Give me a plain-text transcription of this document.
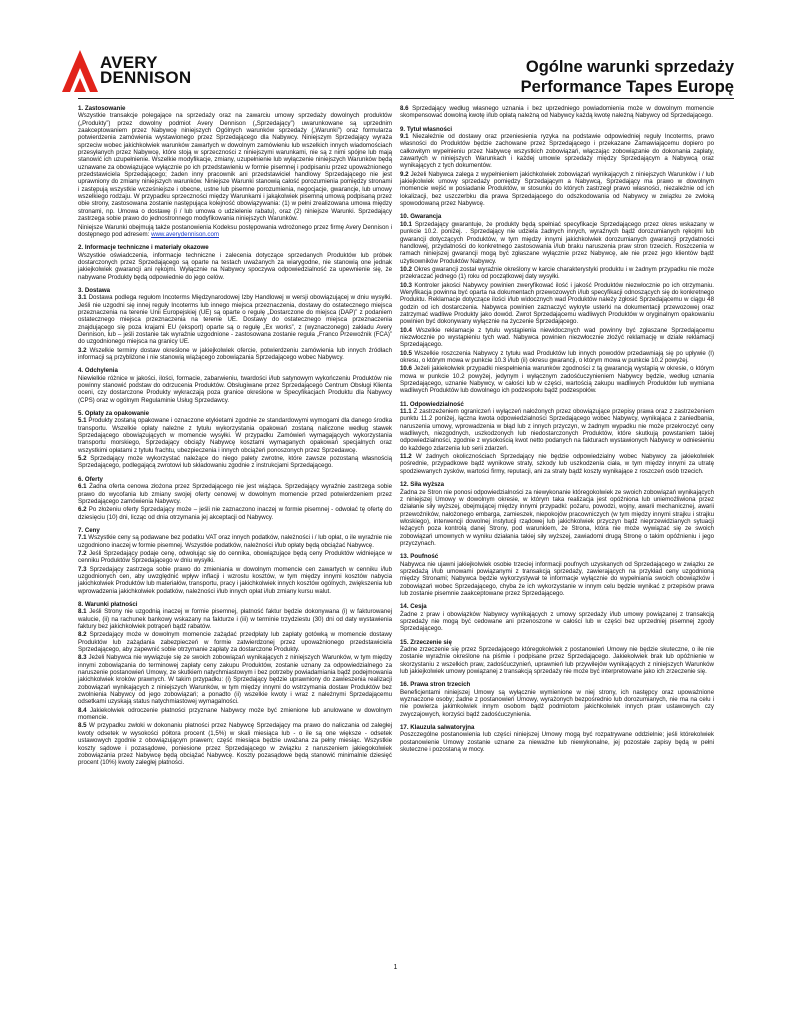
AVERY
DENNISON
Ogólne warunki sprzedaży
Performance Tapes Europę
1. Zastosowanie
Wszystkie transakcje polegające na sprzedaży oraz na zawarciu umowy sprzedaży dowolnych produktów („Produkty”) przez dowolny podmiot Avery Dennison („Sprzedający”) uwarunkowane są uprzednim zaakceptowaniem przez Nabywcę niniejszych Ogólnych warunków sprzedaży („Warunki”) oraz formularza potwierdzenia zamówienia wystawionego przez Sprzedającego dla Nabywcy. Niniejszym Sprzedający wyraża sprzeciw wobec jakichkolwiek warunków zawartych w dowolnym zamówieniu lub wszelkich innych wiadomościach przesyłanych przez Nabywcę, które stoją w sprzeczności z niniejszymi warunkami, nie są z nimi spójne lub mają stanowić ich uzupełnienie. Wszelkie modyfikacje, zmiany, uzupełnienie lub wyłączenie niniejszych Warunków będą uznawane za obowiązujące wyłącznie po ich przedstawieniu w formie pisemnej i podpisaniu przez upoważnionego przedstawiciela Sprzedającego; żaden inny pracownik ani przedstawiciel handlowy Sprzedającego nie jest uprawniony do zmiany niniejszych warunków. Niniejsze Warunki stanowią całość porozumienia pomiędzy stronami i zastępują wszystkie wcześniejsze i obecne, ustne lub pisemne porozumienia, negocjacje, gwarancje, lub umowy wszelkiego rodzaju. W przypadku sprzeczności między Warunkami i jakąkolwiek pisemną umową podpisaną przez obie strony, zastosowana zostanie następująca kolejność obowiązywania: (1) w pełni zrealizowana umowa między stronami, np. Umowa o dostawę (i / lub umowa o udzielenie rabatu), oraz (2) niniejsze Warunki. Sprzedający zastrzega sobie prawo do jednostronnego modyfikowania niniejszych Warunków.
Niniejsze Warunki obejmują także postanowienia Kodeksu postępowania wdrożonego przez firmę Avery Dennison i dostępnego pod adresem: www.averydennison.com
2. Informacje techniczne i materiały okazowe
Wszystkie oświadczenia, informacje techniczne i zalecenia dotyczące sprzedanych Produktów lub próbek dostarczonych przez Sprzedającego są oparte na testach uważanych za wiarygodne, nie stanowią one jednak jakiejkolwiek gwarancji ani rękojmi. Wyłącznie na Nabywcy spoczywa odpowiedzialność za upewnienie się, że nabywane Produkty będą odpowiednie do jego celów.
3. Dostawa
3.1 Dostawa podlega regułom Incoterms Międzynarodowej Izby Handlowej w wersji obowiązującej w dniu wysyłki. Jeśli nie uzgodni się innej reguły Incoterms lub innego miejsca przeznaczenia, dostawy do ostatecznego miejsca przeznaczenia na terenie Unii Europejskiej (UE) są oparte o regułę „Dostarczone do miejsca (DAP)” z podaniem ostatecznego miejsca przeznaczenia na terenie UE. Dostawy do ostatecznego miejsca przeznaczenia znajdującego się poza krajami EU (eksport) oparte są o regułę „Ex works”, z (wyznaczonego) zakładu Avery Dennison, lub – jeśli zostanie tak wyraźnie uzgodnione - zastosowana zostanie reguła „Franco Przewoźnik (FCA)” do uzgodnionego miejsca na granicy UE.
3.2 Wszelkie terminy dostaw określone w jakiejkolwiek ofercie, potwierdzeniu zamówienia lub innych źródłach informacji są przybliżone i nie stanowią wiążącego zobowiązania Sprzedającego wobec Nabywcy.
4. Odchylenia
Niewielkie różnice w jakości, ilości, formacie, zabarwieniu, twardości i/lub satynowym wykończeniu Produktów nie powinny stanowić podstaw do odrzucenia Produktów. Obsługiwane przez Sprzedającego Centrum Obsługi Klienta oceni, czy dostarczone Produkty wykraczają poza granice określone w Specyfikacjach Produktu dla Nabywcy (CPS) oraz w ogólnym Regulaminie Usług Sprzedawcy.
5. Opłaty za opakowanie
5.1 Produkty zostaną opakowane i oznaczone etykietami zgodnie ze standardowymi wymogami dla danego środka transportu. Wszelkie opłaty należne z tytułu wykorzystania opakowań zostaną naliczone według stawek Sprzedającego obowiązujących w momencie wysyłki. W przypadku Zamówień wymagających wykorzystania transportu morskiego, Sprzedający obciąży Nabywcę kosztami wymaganych opakowań specjalnych oraz wszystkimi opłatami z tytułu frachtu, ubezpieczenia i innych obciążeń ponoszonych przez Sprzedawcę.
5.2 Sprzedający może wykorzystać należące do niego palety zwrotne, które zawsze pozostaną własnością Sprzedającego, podlegającą zwrotowi lub składowaniu zgodnie z instrukcjami Sprzedającego.
6. Oferty
6.1 Żadna oferta cenowa złożona przez Sprzedającego nie jest wiążąca. Sprzedający wyraźnie zastrzega sobie prawo do wycofania lub zmiany swojej oferty cenowej w dowolnym momencie przed potwierdzeniem przez Sprzedającego zamówienia Nabywcy.
6.2 Po złożeniu oferty Sprzedający może – jeśli nie zaznaczono inaczej w formie pisemnej - odwołać tę ofertę do dziesięciu (10) dni, licząc od dnia otrzymania jej akceptacji od Nabywcy.
7. Ceny
7.1 Wszystkie ceny są podawane bez podatku VAT oraz innych podatków, należności i / lub opłat, o ile wyraźnie nie uzgodniono inaczej w formie pisemnej. Wszystkie podatków, należności i/lub opłaty będą obciążać Nabywcę.
7.2 Jeśli Sprzedający podaje cenę, odwołując się do cennika, obowiązujące będą ceny Produktów widniejące w cenniku Produktów Sprzedającego w dniu wysyłki.
7.3 Sprzedający zastrzega sobie prawo do zmieniania w dowolnym momencie cen zawartych w cenniku i/lub uzgodnionych cen, aby uwzględnić wpływ inflacji i wzrostu kosztów, w tym między innymi kosztów nabycia jakichkolwiek Produktów lub materiałów, transportu, pracy i jakichkolwiek innych kosztów ogólnych, zwiększenia lub wprowadzenia jakichkolwiek podatków, należności i/lub innych opłat i/lub zmiany kursu walut.
8. Warunki płatności
8.1 Jeśli Strony nie uzgodnią inaczej w formie pisemnej, płatność faktur będzie dokonywana (i) w fakturowanej walucie, (ii) na rachunek bankowy wskazany na fakturze i (iii) w terminie trzydziestu (30) dni od daty wystawienia faktury bez jakichkolwiek potrąceń bądź rabatów.
8.2 Sprzedający może w dowolnym momencie zażądać przedpłaty lub zapłaty gotówką w momencie dostawy Produktów lub zażądania zabezpieczeń w formie zatwierdzonej przez upoważnionego przedstawiciela Sprzedającego, aby zapewnić sobie otrzymanie zapłaty za dostarczone Produkty.
8.3 Jeżeli Nabywca nie wywiązuje się ze swoich zobowiązań wynikających z niniejszych Warunków, w tym między innymi zobowiązania do terminowej zapłaty ceny zakupu Produktów, zostanie uznany za odpowiedzialnego za naruszenie postanowień Umowy, ze skutkiem natychmiastowym i bez potrzeby powiadamiania bądź podejmowania jakichkolwiek kroków prawnych. W takim przypadku: (i) Sprzedający będzie uprawniony do zawieszenia realizacji zobowiązań wynikających z niniejszych Warunków, w tym między innymi do wstrzymania dostaw Produktów bez zwolnienia Nabywcy od jego zobowiązań; a ponadto (ii) wszelkie kwoty i wraz z należnymi Sprzedającemu odsetkami uzyskają status natychmiastowej wymagalności.
8.4 Jakiekolwiek odroczenie płatności przyznane Nabywcy może być zmienione lub anulowane w dowolnym momencie.
8.5 W przypadku zwłoki w dokonaniu płatności przez Nabywcę Sprzedający ma prawo do naliczania od zaległej kwoty odsetek w wysokości półtora procent (1,5%) w skali miesiąca lub - o ile są one większe - odsetek ustawowych zgodnie z obowiązującym prawem; część miesiąca będzie uważana za pełny miesiąc. Wszystkie koszty sądowe i pozasądowe, poniesione przez Sprzedającego w związku z naruszeniem jakiegokolwiek zobowiązania przez Nabywcę będą obciążać Nabywcę. Koszty pozasądowe będą stanowić minimalnie dziesięć procent (10%) kwoty zaległej płatności.
8.6 Sprzedający według własnego uznania i bez uprzedniego powiadomienia może w dowolnym momencie skompensować dowolną kwotę i/lub opłatą należną od Nabywcy każdą kwotę należną Nabywcy od Sprzedającego.
9. Tytuł własności
9.1 Niezależnie od dostawy oraz przeniesienia ryzyka na podstawie odpowiedniej reguły Incoterms, prawo własności do Produktów będzie zachowane przez Sprzedającego i przekazane Zamawiającemu dopiero po całkowitym wypełnieniu przez Nabywcę wszystkich zobowiązań, włączając zobowiązanie do dokonania zapłaty, zawartych w niniejszych Warunkach i każdej umowie sprzedaży między Sprzedającym a Nabywcą oraz wynikających z tych dokumentów.
9.2 Jeżeli Nabywca zalega z wypełnieniem jakichkolwiek zobowiązań wynikających z niniejszych Warunków i / lub jakiejkolwiek umowy sprzedaży pomiędzy Sprzedającym a Nabywcą, Sprzedający ma prawo w dowolnym momencie wejść w posiadanie Produktów, w stosunku do których zastrzegł prawo własności, niezależnie od ich lokalizacji, bez uszczerbku dla prawa Sprzedającego do odszkodowania od Nabywcy w związku ze zwłoką spowodowaną przez Nabywcę.
10. Gwarancja
10.1 Sprzedający gwarantuje, że produkty będą spełniać specyfikacje Sprzedającego przez okres wskazany w punkcie 10.2. poniżej. . Sprzedający nie udziela żadnych innych, wyraźnych bądź dorozumianych rękojmi lub gwarancji dotyczących Produktów, w tym między innymi jakichkolwiek dorozumianych gwarancji przydatności handlowej, przydatności do konkretnego zastosowania i/lub braku naruszenia praw stron trzecich. Roszczenia w ramach niniejszej gwarancji mogą być zgłaszane wyłącznie przez Nabywcę, ale nie przez jego klientów bądź użytkowników Produktów Nabywcy.
10.2 Okres gwarancji został wyraźnie określony w karcie charakterystyki produktu i w żadnym przypadku nie może przekraczać jednego (1) roku od początkowej daty wysyłki.
10.3 Kontroler jakości Nabywcy powinien zweryfikować ilość i jakość Produktów niezwłocznie po ich otrzymaniu. Weryfikacja powinna być oparta na dokumentach przewozowych i/lub specyfikacji odnoszących się do konkretnego Produktu. Reklamacje dotyczące ilości i/lub widocznych wad Produktów należy zgłosić Sprzedającemu w ciągu 48 godzin od ich dostarczenia. Nabywca powinien zaznaczyć wykryte usterki na dokumentacji przewozowej oraz zatrzymać wadliwe Produkty jako dowód. Zwrot Sprzedającemu wadliwych Produktów w oryginalnym opakowaniu powinien być dokonywany wyłącznie na życzenie Sprzedającego.
10.4 Wszelkie reklamacje z tytułu wystąpienia niewidocznych wad powinny być zgłaszane Sprzedającemu niezwłocznie po wystąpieniu tych wad. Nabywca powinien niezwłocznie złożyć reklamację w dziale reklamacji Sprzedającego.
10.5 Wszelkie roszczenia Nabywcy z tytułu wad Produktów lub innych powodów przedawniają się po upływie (I) okresu, o którym mowa w punkcie 10.3 i/lub (ii) okresu gwarancji, o którym mowa w punkcie 10.2 powyżej.
10.6 Jeżeli jakiekolwiek przypadki niespełnienia warunków zgodności z tą gwarancją wystąpią w okresie, o którym mowa w punkcie 10.2 powyżej, jedynym i wyłącznym zadośćuczynieniem Nabywcy będzie, według uznania Sprzedającego, uznanie Nabywcy, w całości lub w części, wartością zakupu wadliwych Produktów lub wymiana wadliwych Produktów lub dowolnego ich podzespołu bądź podzespołów.
11. Odpowiedzialność
11.1 Z zastrzeżeniem ograniczeń i wyłączeń nałożonych przez obowiązujące przepisy prawa oraz z zastrzeżeniem punktu 11.2 poniżej, łączna kwota odpowiedzialności Sprzedającego wobec Nabywcy, wynikająca z zaniedbania, naruszenia umowy, wprowadzenia w błąd lub z innych przyczyn, w żadnym wypadku nie może przekroczyć ceny wadliwych, niezgodnych, uszkodzonych lub niedostarczonych Produktów, które skutkują powstaniem takiej odpowiedzialności, zgodnie z wysokością kwot netto podanych na fakturach wystawionych Nabywcy w odniesieniu do każdego zdarzenia lub serii zdarzeń.
11.2 W żadnych okolicznościach Sprzedający nie będzie odpowiedzialny wobec Nabywcy za jakiekolwiek pośrednie, przypadkowe bądź wynikowe straty, szkody lub uszkodzenia ciała, w tym między innymi za utratę spodziewanych zysków, wartości firmy, reputacji, ani za straty bądź koszty wynikające z roszczeń osób trzecich.
12. Siła wyższa
Żadna ze Stron nie ponosi odpowiedzialności za niewykonanie któregokolwiek ze swoich zobowiązań wynikających z niniejszej Umowy w dowolnym okresie, w którym taka realizacja jest opóźniona lub uniemożliwiona przez działanie siły wyższej, obejmującej między innymi przypadki: pożaru, powodzi, wojny, awarii mechanicznej, awarii przewoźników, nałożonego embarga, zamieszek, niepokojów pracowniczych (w tym między innymi strajku i strajku włoskiego), interwencji dowolnej instytucji rządowej lub jakichkolwiek przyczyn bądź nieprzewidzianych sytuacji leżących poza kontrolą danej Strony, pod warunkiem, że Strona, która nie może wywiązać się ze swoich zobowiązań umownych w wyniku działania takiej siły wyższej, zawiadomi drugą Stronę o takim opóźnieniu i jego przyczynach.
13. Poufność
Nabywca nie ujawni jakiejkolwiek osobie trzeciej informacji poufnych uzyskanych od Sprzedającego w związku ze sprzedażą i/lub umowami powiązanymi z transakcją sprzedaży, zawierających na przykład ceny uzgodnioną między Stronami; Nabywca będzie wykorzystywał te informacje wyłącznie do wypełniania swoich obowiązków i zobowiązań wobec Sprzedającego, chyba że ich wykorzystanie w innym celu będzie wynikać z przepisów prawa lub zostanie pisemnie zaakceptowane przez Sprzedającego.
14. Cesja
Żadne z praw i obowiązków Nabywcy wynikających z umowy sprzedaży i/lub umowy powiązanej z transakcją sprzedaży nie mogą być cedowane ani przenoszone w całości lub w części bez uprzedniej pisemnej zgody Sprzedającego.
15. Zrzeczenie się
Żadne zrzeczenie się przez Sprzedającego któregokolwiek z postanowień Umowy nie będzie skuteczne, o ile nie zostanie wyraźnie określone na piśmie i podpisane przez Sprzedającego. Jakiekolwiek brak lub opóźnienie w skorzystaniu z wszelkich praw, zadośćuczynień, uprawnień lub przywilejów wynikających z niniejszych Warunków lub jakiejkolwiek umowy powiązanej z transakcją sprzedaży nie może być interpretowane jako ich zrzeczenie się.
16. Prawa stron trzecich
Beneficjentami niniejszej Umowy są wyłącznie wymienione w niej strony, ich następcy oraz upoważnione wyznaczone osoby; żadne z postanowień Umowy, wyrażonych bezpośrednio lub dorozumianych, nie ma na celu i nie powierza jakimkolwiek innym osobom bądź podmiotom jakichkolwiek innych praw ustawowych czy zwyczajowych, korzyści bądź zadośćuczynienia.
17. Klauzula salwatoryjna
Poszczególne postanowienia lub części niniejszej Umowy mogą być rozpatrywane oddzielnie; jeśli którekolwiek postanowienie Umowy zostanie uznane za nieważne lub niewykonalne, jej pozostałe zapisy będą w pełni skuteczne i pozostaną w mocy.
1
